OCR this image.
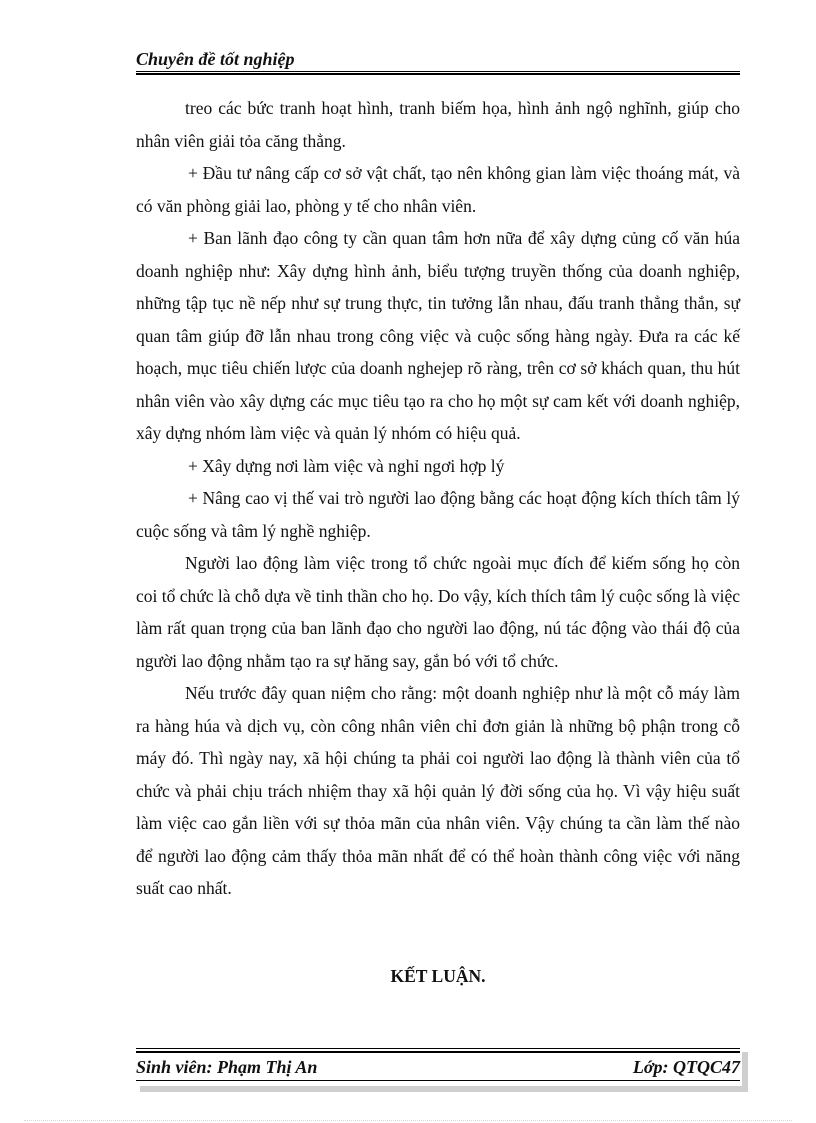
Chuyên đề tốt nghiệp

treo các bức tranh hoạt hình, tranh biếm họa, hình ảnh ngộ nghĩnh, giúp cho nhân viên giải tỏa căng thẳng.

+ Đầu tư nâng cấp cơ sở vật chất, tạo nên không gian làm việc thoáng mát, và có văn phòng giải lao, phòng y tế cho nhân viên.

+ Ban lãnh đạo công ty cần quan tâm hơn nữa để xây dựng củng cố văn húa doanh nghiệp như: Xây dựng hình ảnh, biểu tượng truyền thống của doanh nghiệp, những tập tục nề nếp như sự trung thực, tin tưởng lẫn nhau, đấu tranh thẳng thắn, sự quan tâm giúp đỡ lẫn nhau trong công việc và cuộc sống hàng ngày. Đưa ra các kế hoạch, mục tiêu chiến lược của doanh nghejep rõ ràng, trên cơ sở khách quan, thu hút nhân viên vào xây dựng các mục tiêu tạo ra cho họ một sự cam kết với doanh nghiệp, xây dựng nhóm làm việc và quản lý nhóm có hiệu quả.

+ Xây dựng nơi làm việc và nghỉ ngơi hợp lý

+ Nâng cao vị thế vai trò người lao động bằng các hoạt động kích thích tâm lý cuộc sống và tâm lý nghề nghiệp.

Người lao động làm việc trong tổ chức ngoài mục đích để kiếm sống họ còn coi tổ chức là chỗ dựa về tinh thần cho họ. Do vậy, kích thích tâm lý cuộc sống là việc làm rất quan trọng của ban lãnh đạo cho người lao động, nú tác động vào thái độ của người lao động nhằm tạo ra sự hăng say, gắn bó với tổ chức.

Nếu trước đây quan niệm cho rằng: một doanh nghiệp như là một cỗ máy làm ra hàng húa và dịch vụ, còn công nhân viên chỉ đơn giản là những bộ phận trong cỗ máy đó. Thì ngày nay, xã hội chúng ta phải coi người lao động là thành viên của tổ chức và phải chịu trách nhiệm thay xã hội quản lý đời sống của họ. Vì vậy hiệu suất làm việc cao gắn liền với sự thỏa mãn của nhân viên. Vậy chúng ta cần làm thế nào để người lao động cảm thấy thỏa mãn nhất để có thể hoàn thành công việc với năng suất cao nhất.

KẾT LUẬN.
Sinh viên: Phạm Thị An	Lớp: QTQC47
